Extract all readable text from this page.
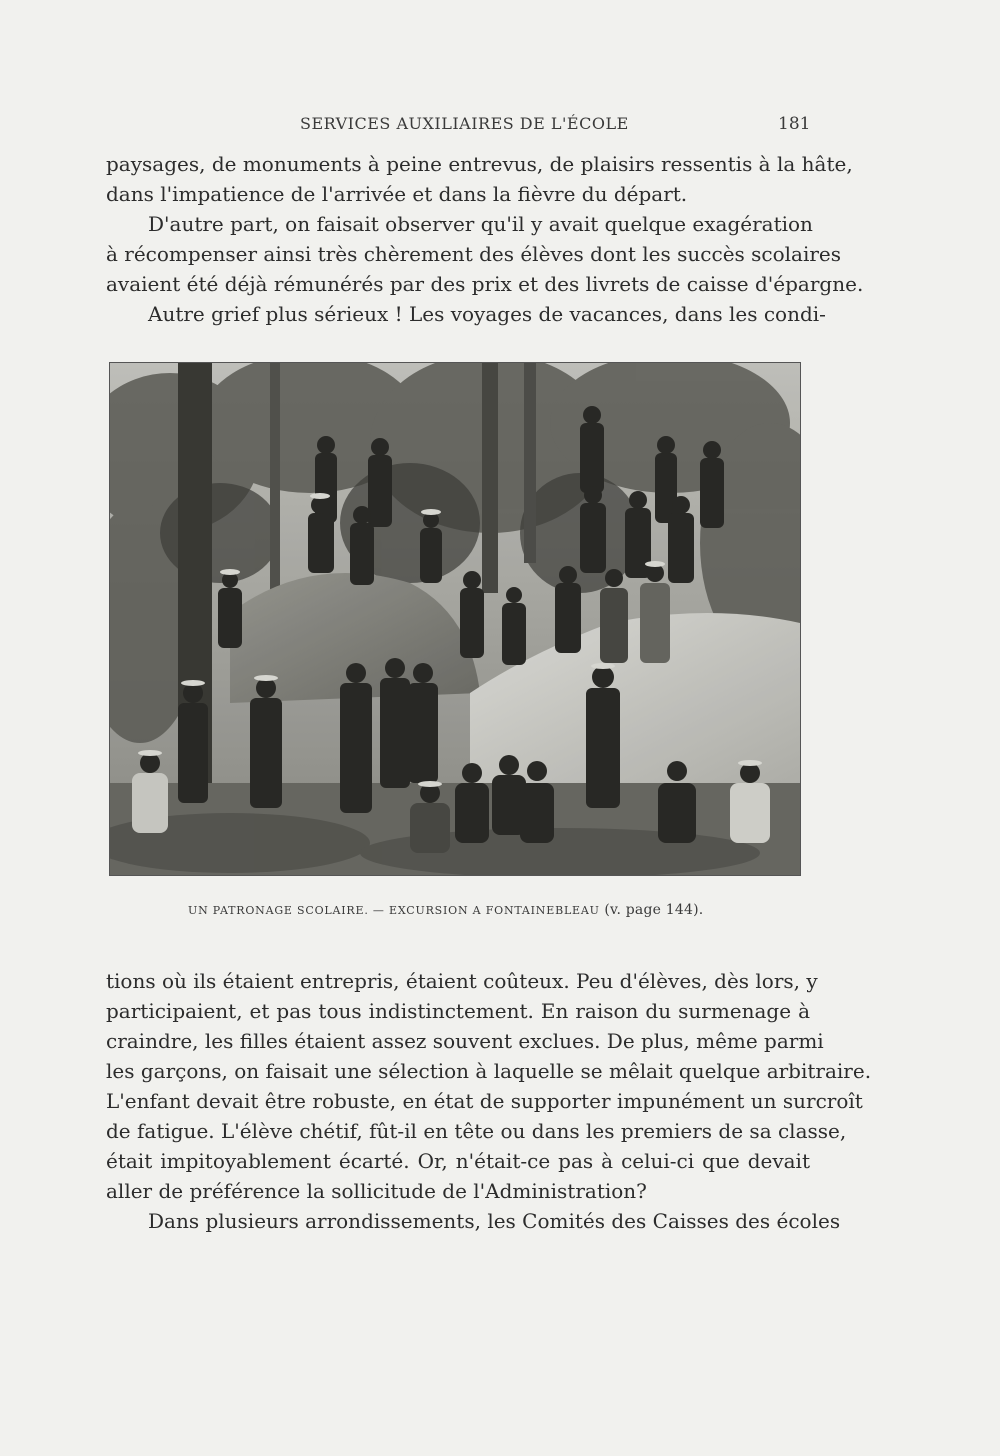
SERVICES AUXILIAIRES DE L'ÉCOLE	181
paysages, de monuments à peine entrevus, de plaisirs ressentis à la hâte,
dans l'impatience de l'arrivée et dans la fièvre du départ.
D'autre part, on faisait observer qu'il y avait quelque exagération
à récompenser ainsi très chèrement des élèves dont les succès scolaires
avaient été déjà rémunérés par des prix et des livrets de caisse d'épargne.
Autre grief plus sérieux ! Les voyages de vacances, dans les condi-
UN PATRONAGE SCOLAIRE. — EXCURSION A FONTAINEBLEAU (v. page 144).
tions où ils étaient entrepris, étaient coûteux. Peu d'élèves, dès lors, y
participaient, et pas tous indistinctement. En raison du surmenage à
craindre, les filles étaient assez souvent exclues. De plus, même parmi
les garçons, on faisait une sélection à laquelle se mêlait quelque arbitraire.
L'enfant devait être robuste, en état de supporter impunément un surcroît
de fatigue. L'élève chétif, fût-il en tête ou dans les premiers de sa classe,
était impitoyablement écarté. Or, n'était-ce pas à celui-ci que devait
aller de préférence la sollicitude de l'Administration?
Dans plusieurs arrondissements, les Comités des Caisses des écoles
